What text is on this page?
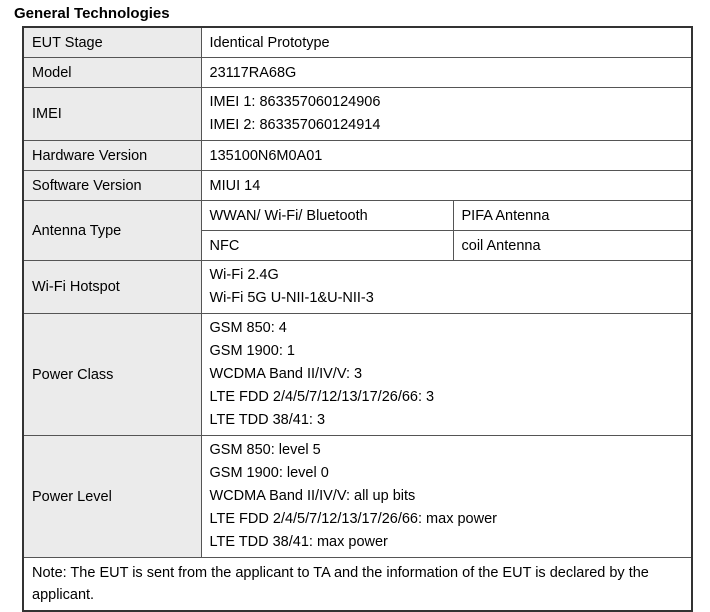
General Technologies
EUT Stage	Identical Prototype	
Model	23117RA68G	
IMEI	IMEI 1: 863357060124906
IMEI 2: 863357060124914	

Hardware Version	135100N6M0A01	
Software Version	MIUI 14	
Antenna Type	WWAN/ Wi-Fi/ Bluetooth	PIFA Antenna
	NFC	coil Antenna
Wi-Fi Hotspot	Wi-Fi 2.4G
Wi-Fi 5G U-NII-1&U-NII-3	

Power Class	GSM 850: 4
GSM 1900: 1
WCDMA Band II/IV/V: 3
LTE FDD 2/4/5/7/12/13/17/26/66: 3
LTE TDD 38/41: 3	

Power Level	GSM 850: level 5
GSM 1900: level 0
WCDMA Band II/IV/V: all up bits
LTE FDD 2/4/5/7/12/13/17/26/66: max power
LTE TDD 38/41: max power	

Note: The EUT is sent from the applicant to TA and the information of the EUT is declared by the applicant.		
